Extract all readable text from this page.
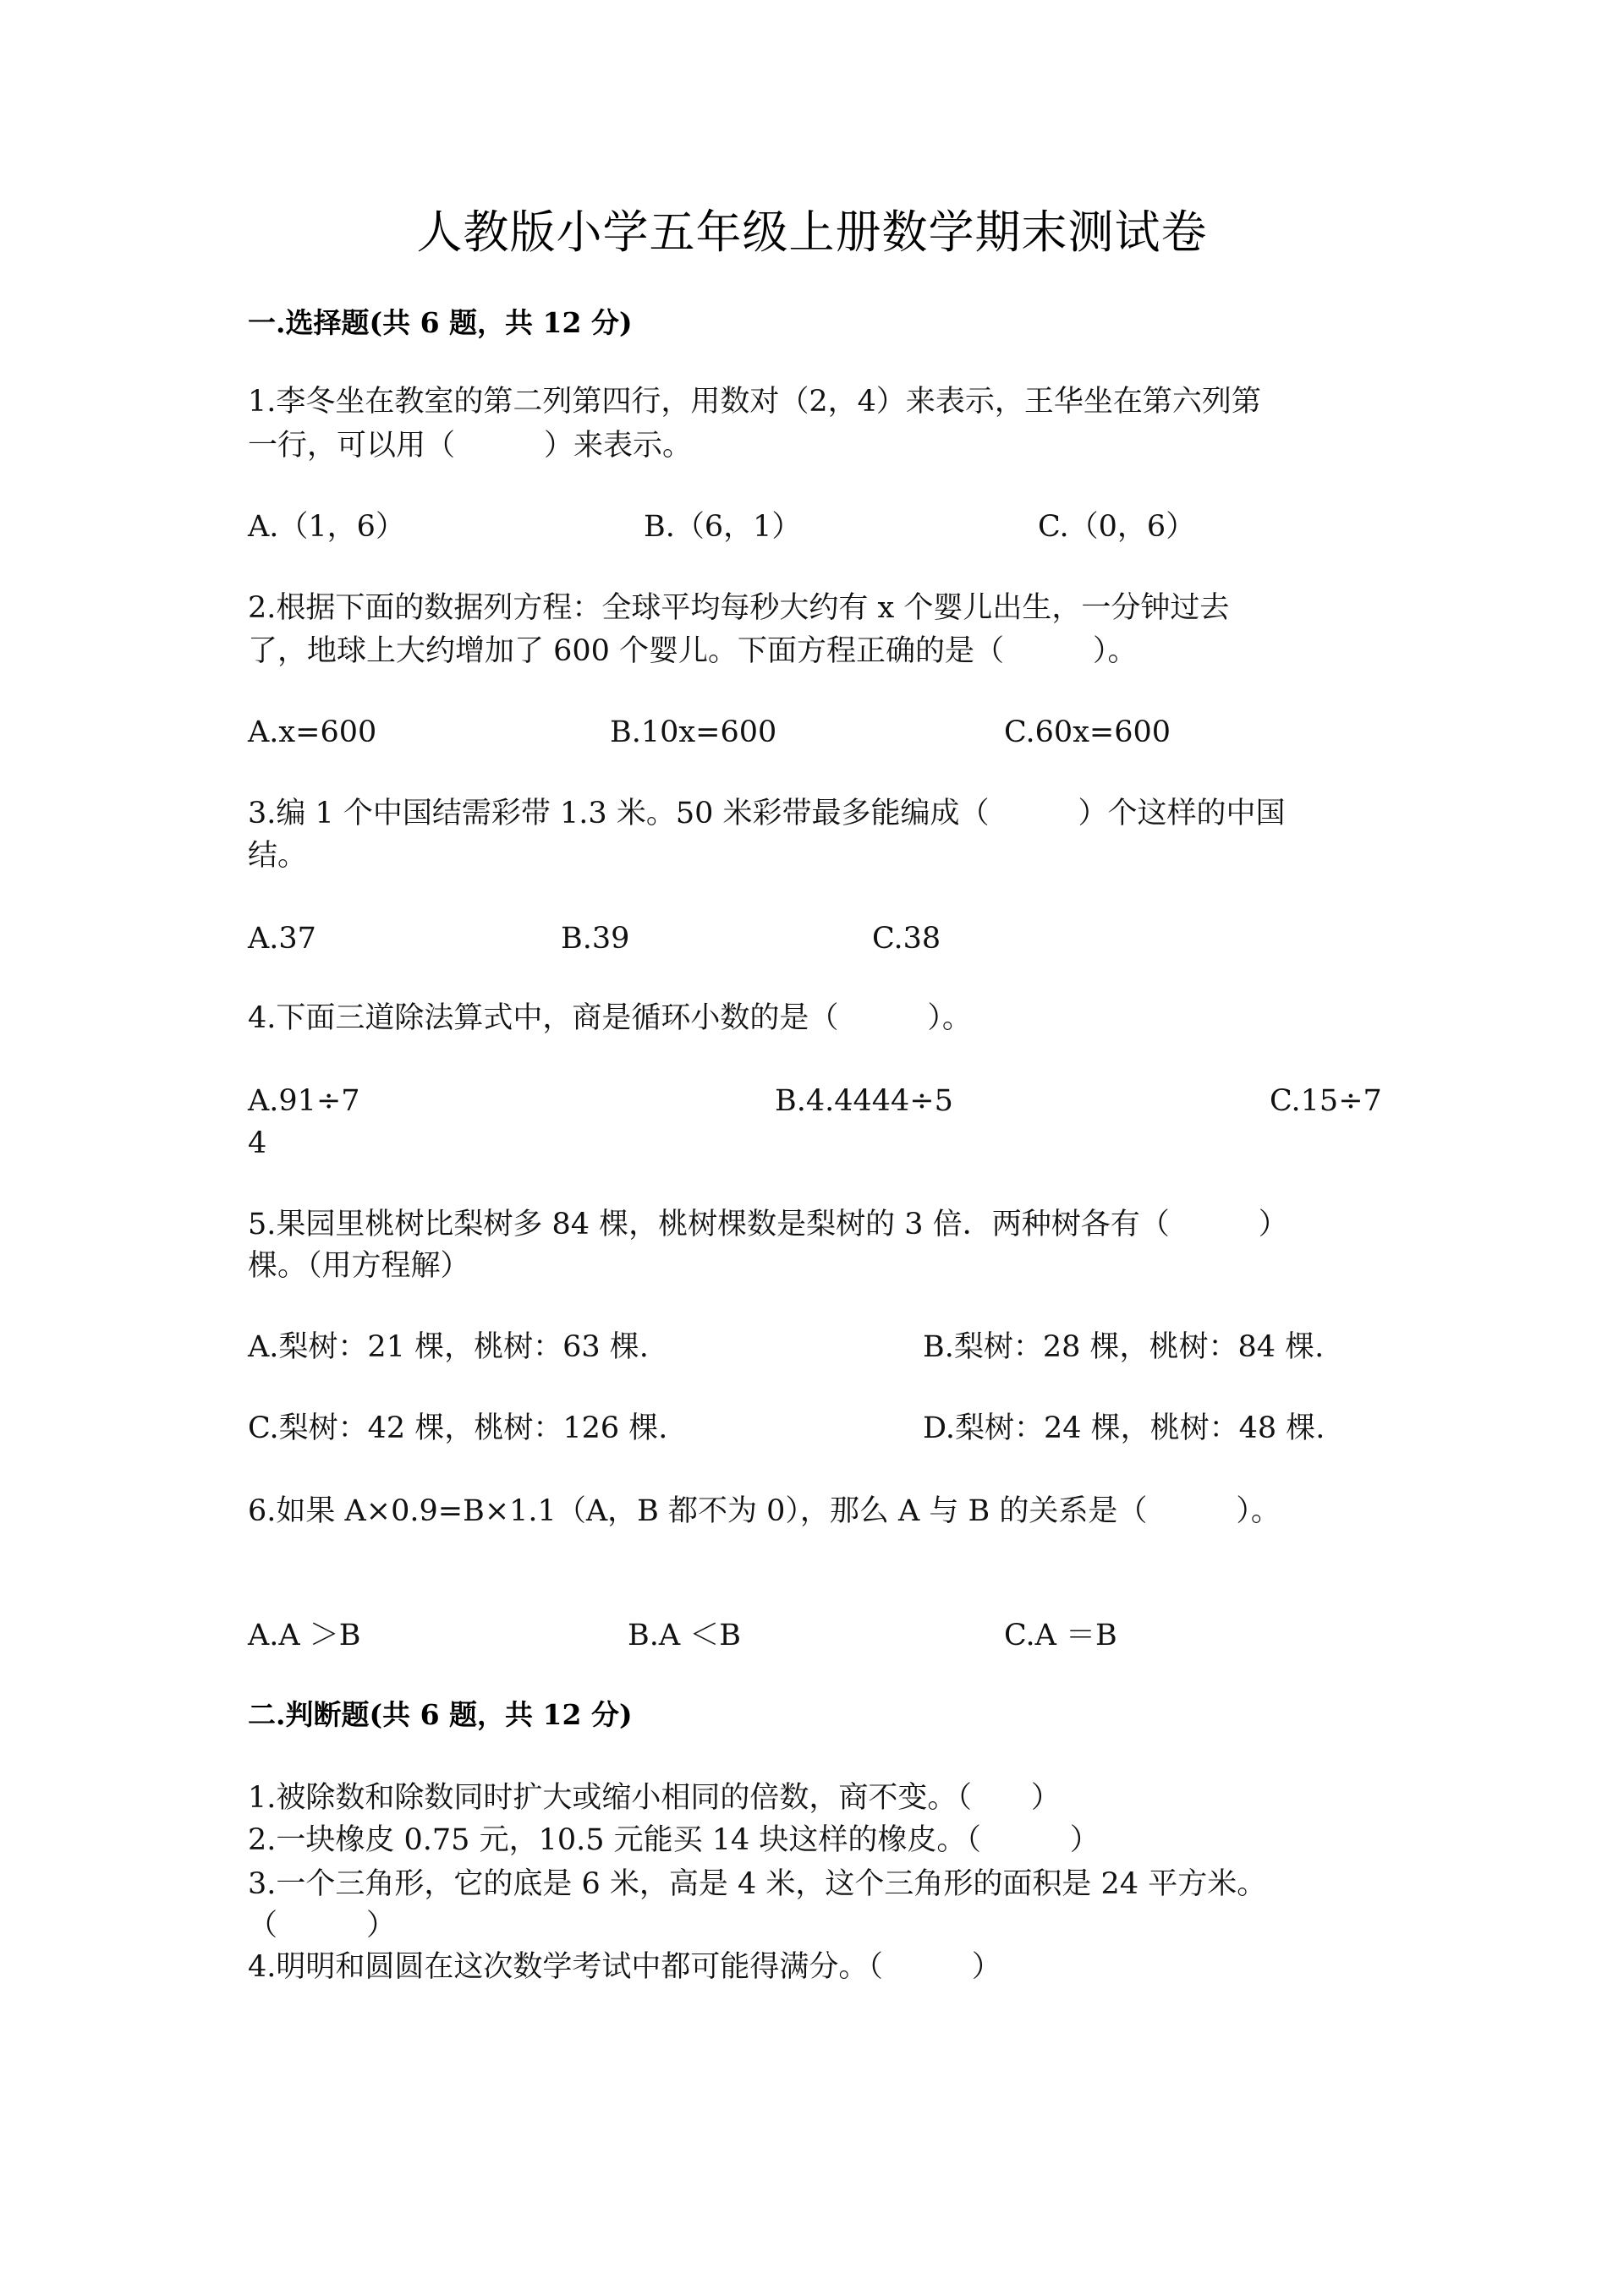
人教版小学五年级上册数学期末测试卷
一.选择题(共 6 题，共 12 分)
1.李冬坐在教室的第二列第四行，用数对（2，4）来表示，王华坐在第六列第
一行，可以用（　　　）来表示。
A.（1，6）	B.（6，1）	C.（0，6）
2.根据下面的数据列方程：全球平均每秒大约有 x 个婴儿出生，一分钟过去
了，地球上大约增加了 600 个婴儿。下面方程正确的是（　　　）。
A.x=600	B.10x=600	C.60x=600
3.编 1 个中国结需彩带 1.3 米。50 米彩带最多能编成（　　　）个这样的中国
结。
A.37	B.39	C.38
4.下面三道除法算式中，商是循环小数的是（　　　）。
A.91÷7	B.4.4444÷5	C.15÷7
4
5.果园里桃树比梨树多 84 棵，桃树棵数是梨树的 3 倍．两种树各有（　　　）
棵。（用方程解）
A.梨树：21 棵，桃树：63 棵.	B.梨树：28 棵，桃树：84 棵.
C.梨树：42 棵，桃树：126 棵.	D.梨树：24 棵，桃树：48 棵.
6.如果 A×0.9=B×1.1（A，B 都不为 0），那么 A 与 B 的关系是（　　　）。
A.A ＞B	B.A ＜B	C.A ＝B
二.判断题(共 6 题，共 12 分)
1.被除数和除数同时扩大或缩小相同的倍数，商不变。（　　）
2.一块橡皮 0.75 元，10.5 元能买 14 块这样的橡皮。（　　　）
3.一个三角形，它的底是 6 米，高是 4 米，这个三角形的面积是 24 平方米。
（　　　）
4.明明和圆圆在这次数学考试中都可能得满分。（　　　）
